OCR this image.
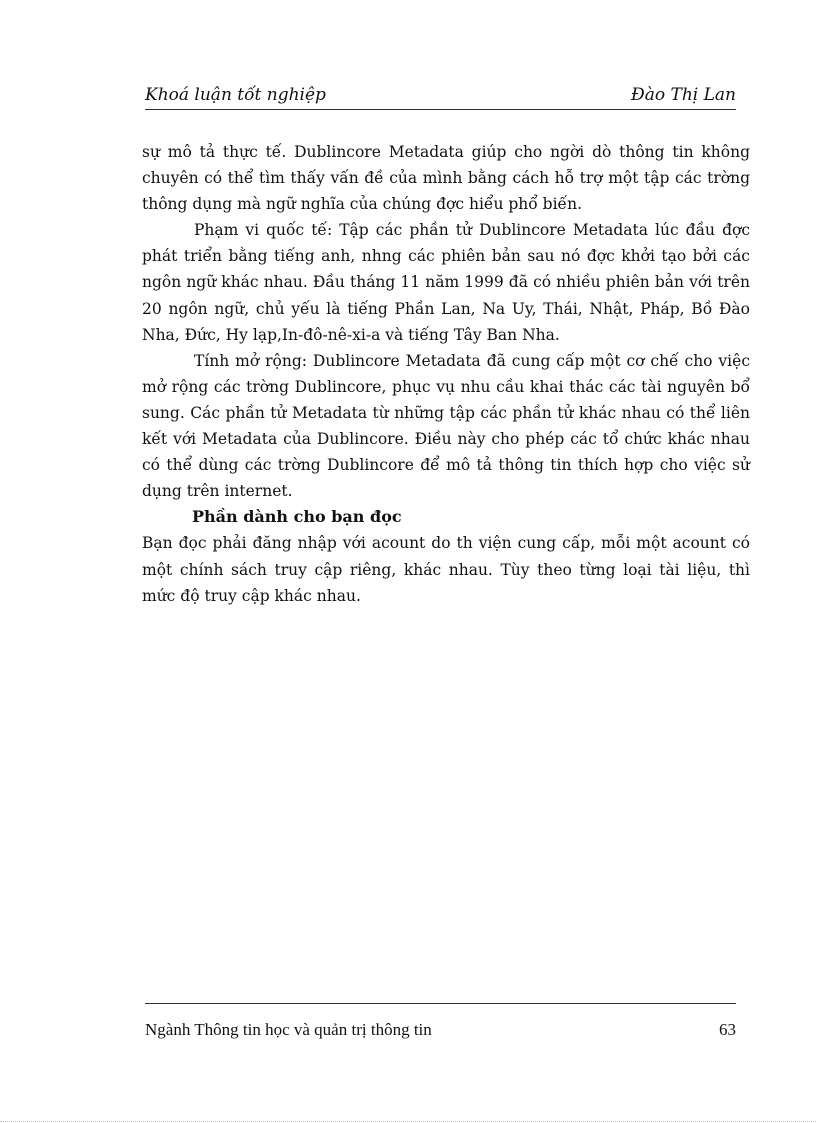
Khoá luận tốt nghiệp	Đào Thị Lan

sự mô tả thực tế. Dublincore Metadata giúp cho ngời dò thông tin không chuyên có thể tìm thấy vấn đề của mình bằng cách hỗ trợ một tập các trờng thông dụng mà ngữ nghĩa của chúng đợc hiểu phổ biến.

Phạm vi quốc tế: Tập các phần tử Dublincore Metadata lúc đầu đợc phát triển bằng tiếng anh, nhng các phiên bản sau nó đợc khởi tạo bởi các ngôn ngữ khác nhau. Đầu tháng 11 năm 1999 đã có nhiều phiên bản với trên 20 ngôn ngữ, chủ yếu là tiếng Phần Lan, Na Uy, Thái, Nhật, Pháp, Bồ Đào Nha, Đức, Hy lạp,In-đô-nê-xi-a và tiếng Tây Ban Nha.

Tính mở rộng: Dublincore Metadata đã cung cấp một cơ chế cho việc mở rộng các trờng Dublincore, phục vụ nhu cầu khai thác các tài nguyên bổ sung. Các phần tử Metadata từ những tập các phần tử khác nhau có thể liên kết với Metadata của Dublincore. Điều này cho phép các tổ chức khác nhau có thể dùng các trờng Dublincore để mô tả thông tin thích hợp cho việc sử dụng trên internet.

Phần dành cho bạn đọc

Bạn đọc phải đăng nhập với acount do th viện cung cấp, mỗi một acount có một chính sách truy cập riêng, khác nhau. Tùy theo từng loại tài liệu, thì mức độ truy cập khác nhau.

Ngành Thông tin học và quản trị thông tin	63
